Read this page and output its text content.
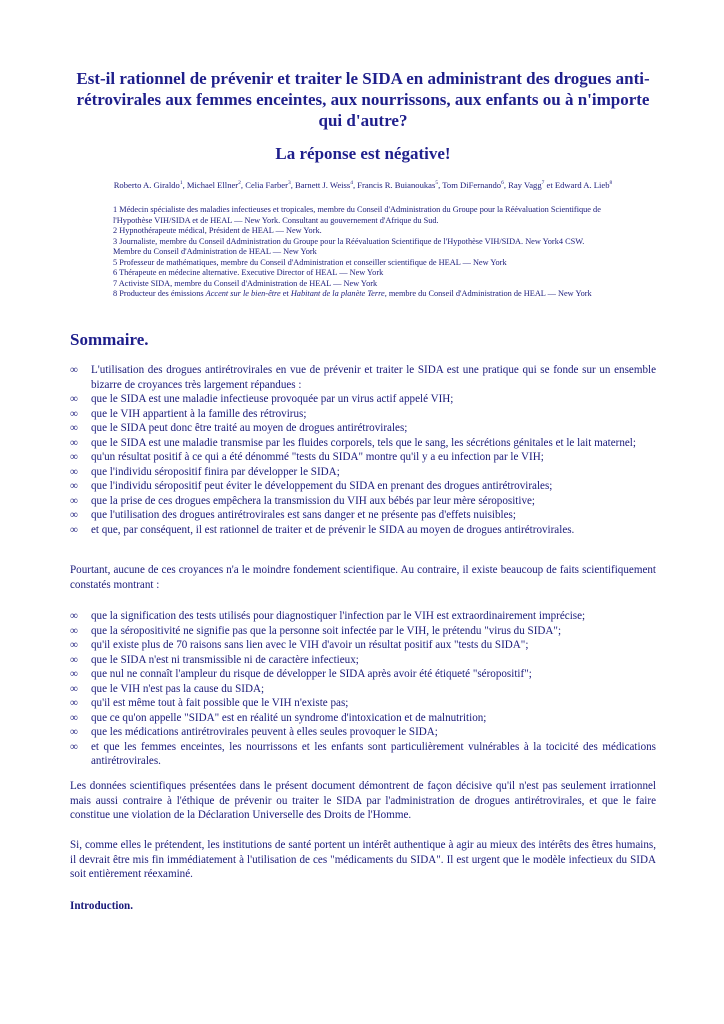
Est-il rationnel de prévenir et traiter le SIDA en administrant des drogues anti-rétrovirales aux femmes enceintes, aux nourrissons, aux enfants ou à n'importe qui d'autre?
La réponse est négative!
Roberto A. Giraldo$^1$, Michael Ellner$^2$, Celia Farber$^3$, Barnett J. Weiss$^4$, Francis R. Buianoukas$^5$, Tom DiFernando$^6$, Ray Vagg$^7$ et Edward A. Lieb$^8$

1 Médecin spécialiste des maladies infectieuses et tropicales, membre du Conseil d'Administration du Groupe pour la Réévaluation Scientifique de l'Hypothèse VIH/SIDA et de HEAL — New York. Consultant au gouvernement d'Afrique du Sud.

2 Hypnothérapeute médical, Président de HEAL — New York.

3 Journaliste, membre du Conseil dAdministration du Groupe pour la Réévaluation Scientifique de l'Hypothèse VIH/SIDA. New York4 CSW. Membre du Conseil d'Administration de HEAL — New York

5 Professeur de mathématiques, membre du Conseil d'Administration et conseiller scientifique de HEAL — New York

6 Thérapeute en médecine alternative. Executive Director of HEAL — New York

7 Activiste SIDA, membre du Conseil d'Administration de HEAL — New York

8 Producteur des émissions Accent sur le bien-être et Habitant de la planète Terre, membre du Conseil d'Administration de HEAL — New York

Sommaire.
∞	L'utilisation des drogues antirétrovirales en vue de prévenir et traiter le SIDA est une pratique qui se fonde sur un ensemble bizarre de croyances très largement répandues :
∞	que le SIDA est une maladie infectieuse provoquée par un virus actif appelé VIH;
∞	que le VIH appartient à la famille des rétrovirus;
∞	que le SIDA peut donc être traité au moyen de drogues antirétrovirales;
∞	que le SIDA est une maladie transmise par les fluides corporels, tels que le sang, les sécrétions génitales et le lait maternel;
∞	qu'un résultat positif à ce qui a été dénommé "tests du SIDA" montre qu'il y a eu infection par le VIH;
∞	que l'individu séropositif finira par développer le SIDA;
∞	que l'individu séropositif peut éviter le développement du SIDA en prenant des drogues antirétrovirales;
∞	que la prise de ces drogues empêchera la transmission du VIH aux bébés par leur mère séropositive;
∞	que l'utilisation des drogues antirétrovirales est sans danger et ne présente pas d'effets nuisibles;
∞	et que, par conséquent, il est rationnel de traiter et de prévenir le SIDA au moyen de drogues antirétrovirales.

Pourtant, aucune de ces croyances n'a le moindre fondement scientifique. Au contraire, il existe beaucoup de faits scientifiquement constatés montrant :

∞	que la signification des tests utilisés pour diagnostiquer l'infection par le VIH est extraordinairement imprécise;
∞	que la séropositivité ne signifie pas que la personne soit infectée par le VIH, le prétendu "virus du SIDA";
∞	qu'il existe plus de 70 raisons sans lien avec le VIH d'avoir un résultat positif aux "tests du SIDA";
∞	que le SIDA n'est ni transmissible ni de caractère infectieux;
∞	que nul ne connaît l'ampleur du risque de développer le SIDA après avoir été étiqueté "séropositif";
∞	que le VIH n'est pas la cause du SIDA;
∞	qu'il est même tout à fait possible que le VIH n'existe pas;
∞	que ce qu'on appelle "SIDA" est en réalité un syndrome d'intoxication et de malnutrition;
∞	que les médications antirétrovirales peuvent à elles seules provoquer le SIDA;
∞	et que les femmes enceintes, les nourrissons et les enfants sont particulièrement vulnérables à la tocicité des médications antirétrovirales.

Les données scientifiques présentées dans le présent document démontrent de façon décisive qu'il n'est pas seulement irrationnel mais aussi contraire à l'éthique de prévenir ou traiter le SIDA par l'administration de drogues antirétrovirales, et que le faire constitue une violation de la Déclaration Universelle des Droits de l'Homme.

Si, comme elles le prétendent, les institutions de santé portent un intérêt authentique à agir au mieux des intérêts des êtres humains, il devrait être mis fin immédiatement à l'utilisation de ces "médicaments du SIDA". Il est urgent que le modèle infectieux du SIDA soit entièrement réexaminé.

Introduction.
